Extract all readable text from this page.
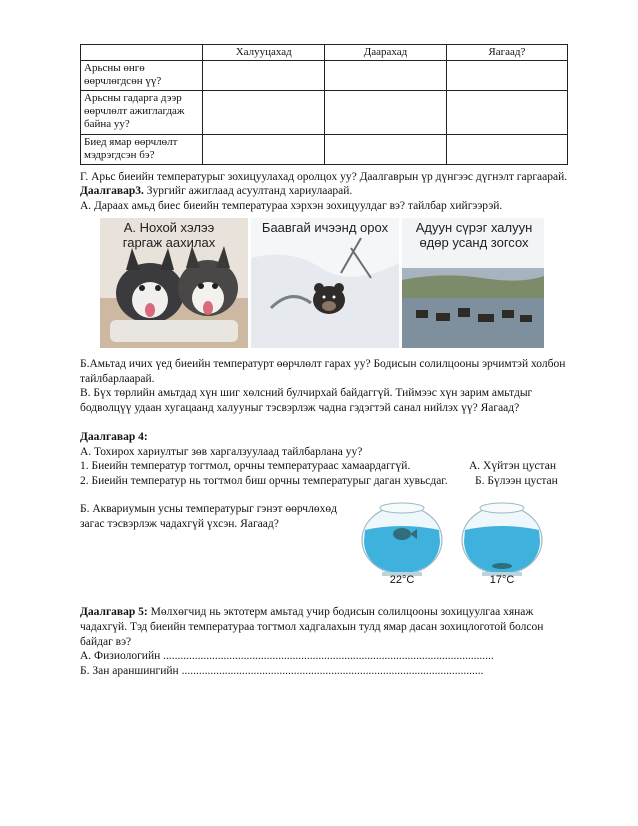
	Халууцахад	Даарахад	Яагаад?
Арьсны өнгө өөрчлөгдсөн үү?			
Арьсны гадарга дээр өөрчлөлт ажиглагдаж байна уу?			
Биед ямар өөрчлөлт мэдрэгдсэн бэ?			
Г. Арьс биеийн температурыг зохицуулахад оролцох уу? Даалгаврын үр дүнгээс дүгнэлт гаргаарай.
Даалгавар3. Зургийг ажиглаад асуултанд хариулаарай.
А. Дараах амьд биес биеийн температураа хэрхэн зохицуулдаг вэ? тайлбар хийгээрэй.
А. Нохой хэлээ гаргаж аахилах
Баавгай ичээнд орох	Адуун сүрэг халуун өдөр усанд зогсох
Б.Амьтад ичих үед биеийн температурт өөрчлөлт гарах уу? Бодисын солилцооны эрчимтэй холбон
тайлбарлаарай.
В. Бүх төрлийн амьтдад хүн шиг хөлсний булчирхай байдаггүй. Тиймээс хүн зарим амьтдыг
бодволцүү удаан хугацаанд халууныг тэсвэрлэж чадна гэдэгтэй санал нийлэх үү? Яагаад?
Даалгавар 4:
А. Тохирох хариултыг зөв харгалзуулаад тайлбарлана уу?
1. Биеийн температур тогтмол, орчны температураас хамаардаггүй.	А. Хүйтэн цустан
2. Биеийн температур нь тогтмол биш орчны температурыг даган хувьсдаг. Б. Бүлээн цустан
Б. Аквариумын усны температурыг гэнэт өөрчлөхөд
загас тэсвэрлэж чадахгүй үхсэн. Яагаад?
22°C	17°C
Даалгавар 5: Мөлхөгчид нь эктотерм амьтад учир бодисын солилцооны зохицуулгаа хянаж
чадахгүй. Тэд биеийн температураа тогтмол хадгалахын тулд ямар дасан зохицлоготой болсон
байдаг вэ?
А. Физиологийн ...................................................................................................................
Б. Зан араншингийн .........................................................................................................
